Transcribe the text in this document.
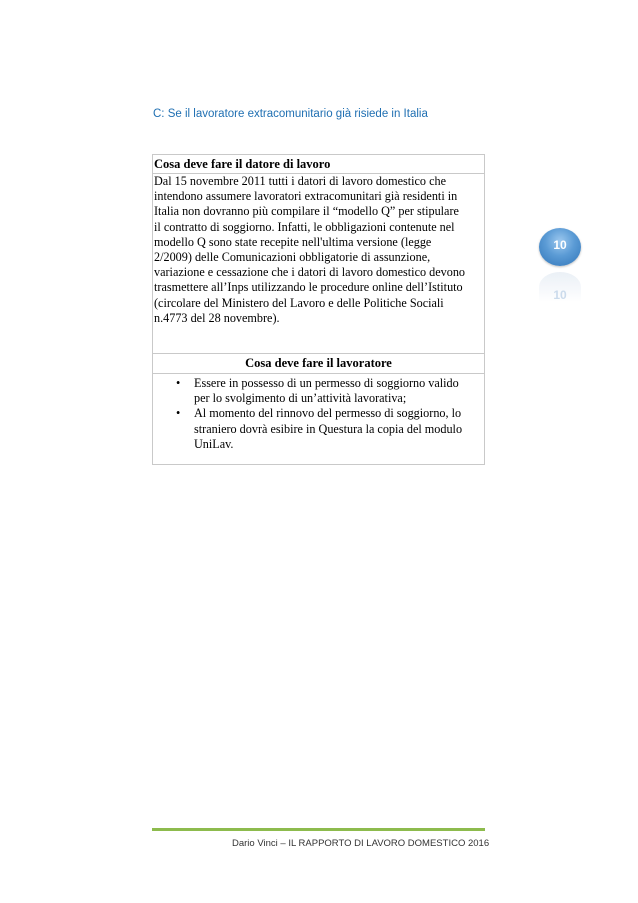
C: Se il lavoratore extracomunitario già risiede in Italia
Cosa deve fare il datore di lavoro

Dal 15 novembre 2011 tutti i datori di lavoro domestico che

intendono assumere lavoratori extracomunitari già residenti in

Italia non dovranno più compilare il “modello Q” per stipulare

il contratto di soggiorno. Infatti, le obbligazioni contenute nel

modello Q sono state recepite nell'ultima versione (legge

2/2009) delle Comunicazioni obbligatorie di assunzione,

variazione e cessazione che i datori di lavoro domestico devono

trasmettere all’Inps utilizzando le procedure online dell’Istituto

(circolare del Ministero del Lavoro e delle Politiche Sociali

n.4773 del 28 novembre).

Cosa deve fare il lavoratore
• Essere in possesso di un permesso di soggiorno valido

per lo svolgimento di un’attività lavorativa;

• Al momento del rinnovo del permesso di soggiorno, lo

straniero dovrà esibire in Questura la copia del modulo

UniLav.

10
10
Dario Vinci – IL RAPPORTO DI LAVORO DOMESTICO 2016
